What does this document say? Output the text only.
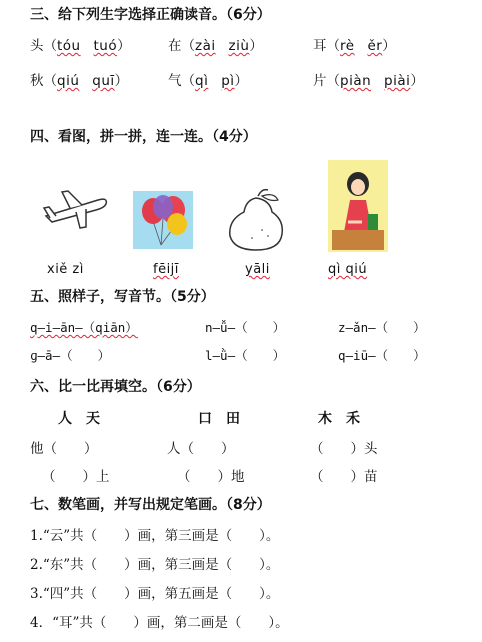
三、给下列生字选择正确读音。（6分）
头（tóu tuó）	在（zài ziù）	耳（rè ěr）
秋（qiú quī）	气（qì pì）	片（piàn piài）
四、看图，拼一拼，连一连。（4分）
xiě zì	fēijī	yāli	qì qiú
五、照样子，写音节。（5分）
q—i—ān—（qiān）	n—ǚ—（　　）	z—ǎn—（　　）
ɡ—ā—（　　）	l—ǜ—（　　）	q—iū—（　　）
六、比一比再填空。（6分）
人　天	口　田	木　禾
他（　　）	人（　　）	（　　）头
（　　）上	（　　）地	（　　）苗
七、数笔画，并写出规定笔画。（8分）
1.“云”共（　　）画，第三画是（　　）。
2.“东”共（　　）画，第三画是（　　）。
3.“四”共（　　）画，第五画是（　　）。
4．“耳”共（　　）画，第二画是（　　）。
